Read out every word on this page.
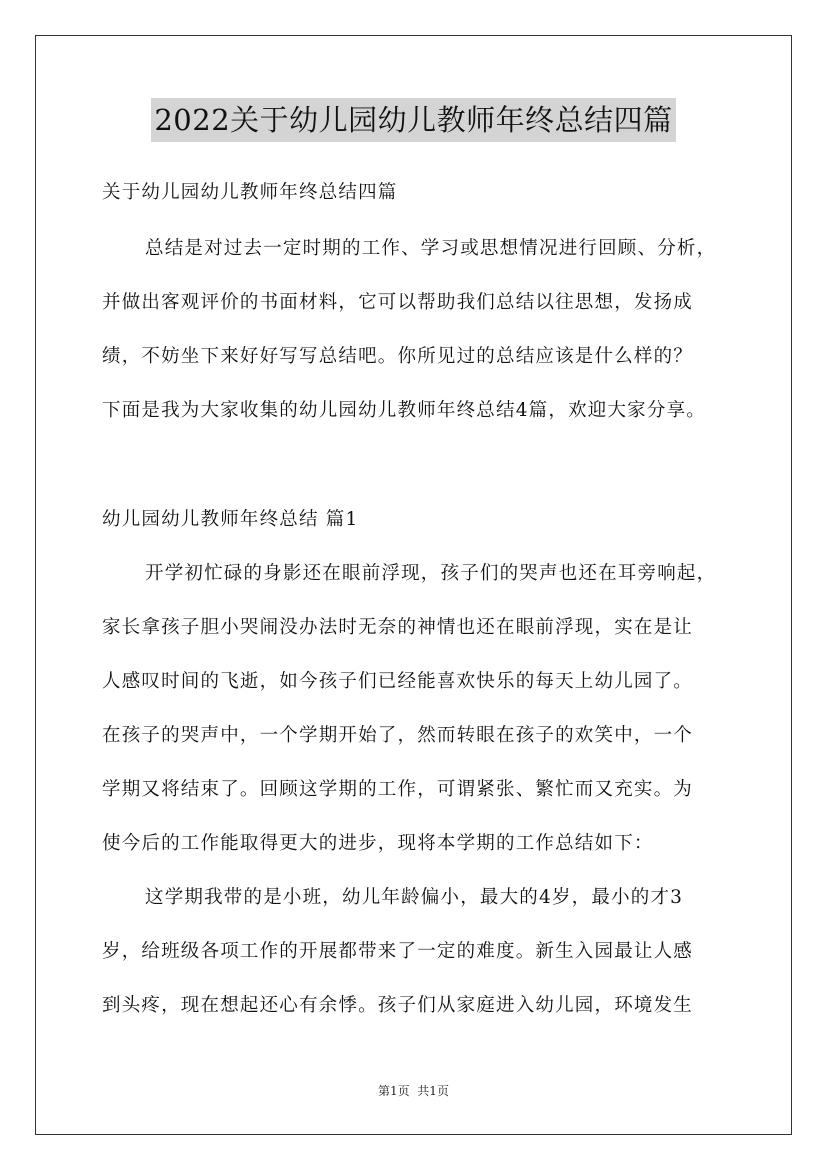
2022关于幼儿园幼儿教师年终总结四篇
关于幼儿园幼儿教师年终总结四篇
总结是对过去一定时期的工作、学习或思想情况进行回顾、分析，
并做出客观评价的书面材料，它可以帮助我们总结以往思想，发扬成
绩，不妨坐下来好好写写总结吧。你所见过的总结应该是什么样的？
下面是我为大家收集的幼儿园幼儿教师年终总结4篇，欢迎大家分享。
幼儿园幼儿教师年终总结 篇1
开学初忙碌的身影还在眼前浮现，孩子们的哭声也还在耳旁响起，
家长拿孩子胆小哭闹没办法时无奈的神情也还在眼前浮现，实在是让
人感叹时间的飞逝，如今孩子们已经能喜欢快乐的每天上幼儿园了。
在孩子的哭声中，一个学期开始了，然而转眼在孩子的欢笑中，一个
学期又将结束了。回顾这学期的工作，可谓紧张、繁忙而又充实。为
使今后的工作能取得更大的进步，现将本学期的工作总结如下：
这学期我带的是小班，幼儿年龄偏小，最大的4岁，最小的才3
岁，给班级各项工作的开展都带来了一定的难度。新生入园最让人感
到头疼，现在想起还心有余悸。孩子们从家庭进入幼儿园，环境发生
第1页  共1页
